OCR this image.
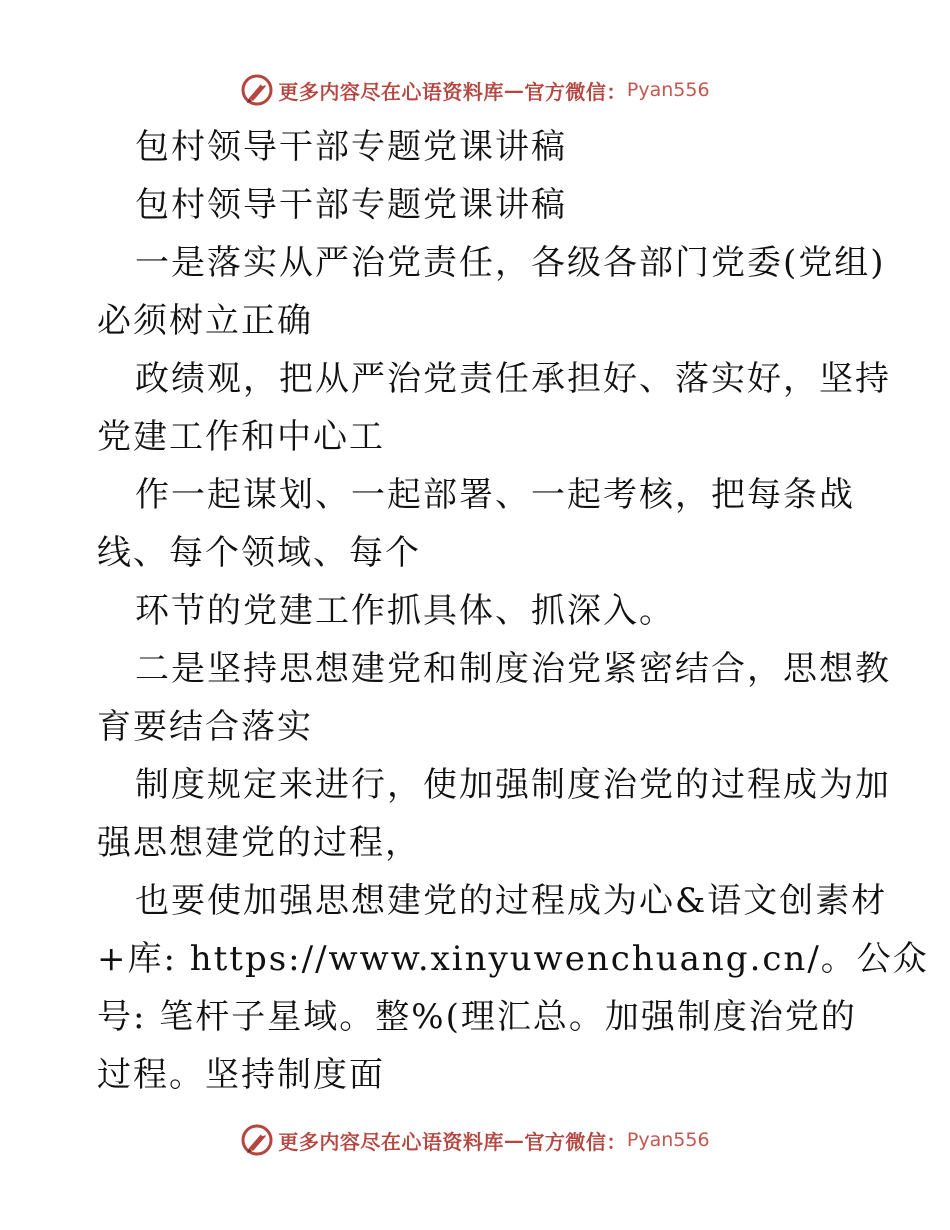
更多内容尽在心语资料库 — 官方微信： Pyan556
包村领导干部专题党课讲稿
包村领导干部专题党课讲稿
一是落实从严治党责任，各级各部门党委(党组)
必须树立正确
政绩观，把从严治党责任承担好、落实好，坚持
党建工作和中心工
作一起谋划、一起部署、一起考核，把每条战
线、每个领域、每个
环节的党建工作抓具体、抓深入。
二是坚持思想建党和制度治党紧密结合，思想教
育要结合落实
制度规定来进行，使加强制度治党的过程成为加
强思想建党的过程，
也要使加强思想建党的过程成为心&语文创素材
+库: https://www.xinyuwenchuang.cn/。公众
号: 笔杆子星域。整%(理汇总。加强制度治党的
过程。坚持制度面
更多内容尽在心语资料库 — 官方微信： Pyan556
